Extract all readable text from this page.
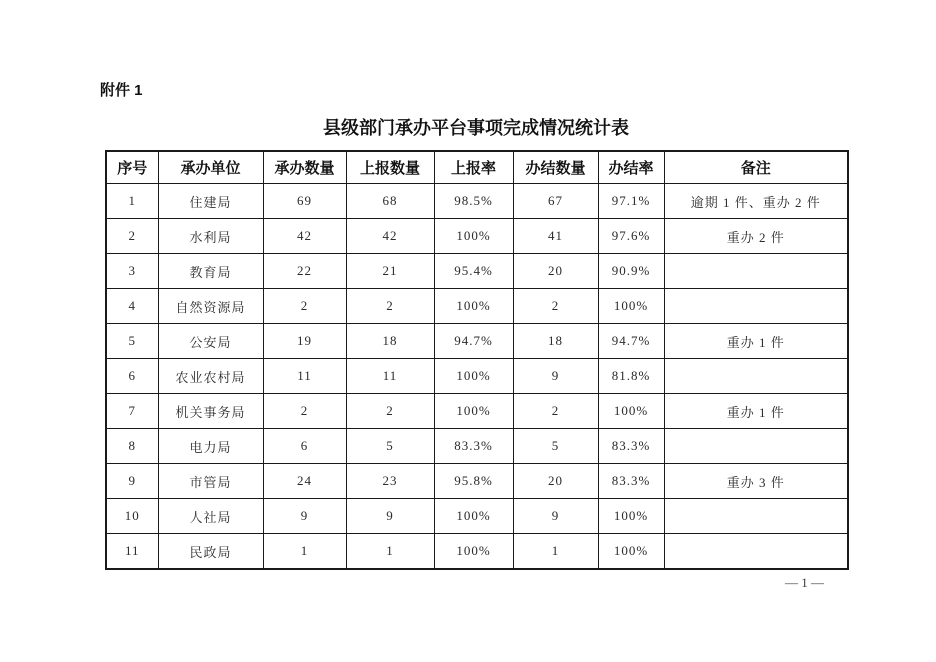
附件 1
县级部门承办平台事项完成情况统计表
序号	承办单位	承办数量	上报数量	上报率	办结数量	办结率	备注
1	住建局	69	68	98.5%	67	97.1%	逾期 1 件、重办 2 件
2	水利局	42	42	100%	41	97.6%	重办 2 件
3	教育局	22	21	95.4%	20	90.9%	
4	自然资源局	2	2	100%	2	100%	
5	公安局	19	18	94.7%	18	94.7%	重办 1 件
6	农业农村局	11	11	100%	9	81.8%	
7	机关事务局	2	2	100%	2	100%	重办 1 件
8	电力局	6	5	83.3%	5	83.3%	
9	市管局	24	23	95.8%	20	83.3%	重办 3 件
10	人社局	9	9	100%	9	100%	
11	民政局	1	1	100%	1	100%	
— 1 —
